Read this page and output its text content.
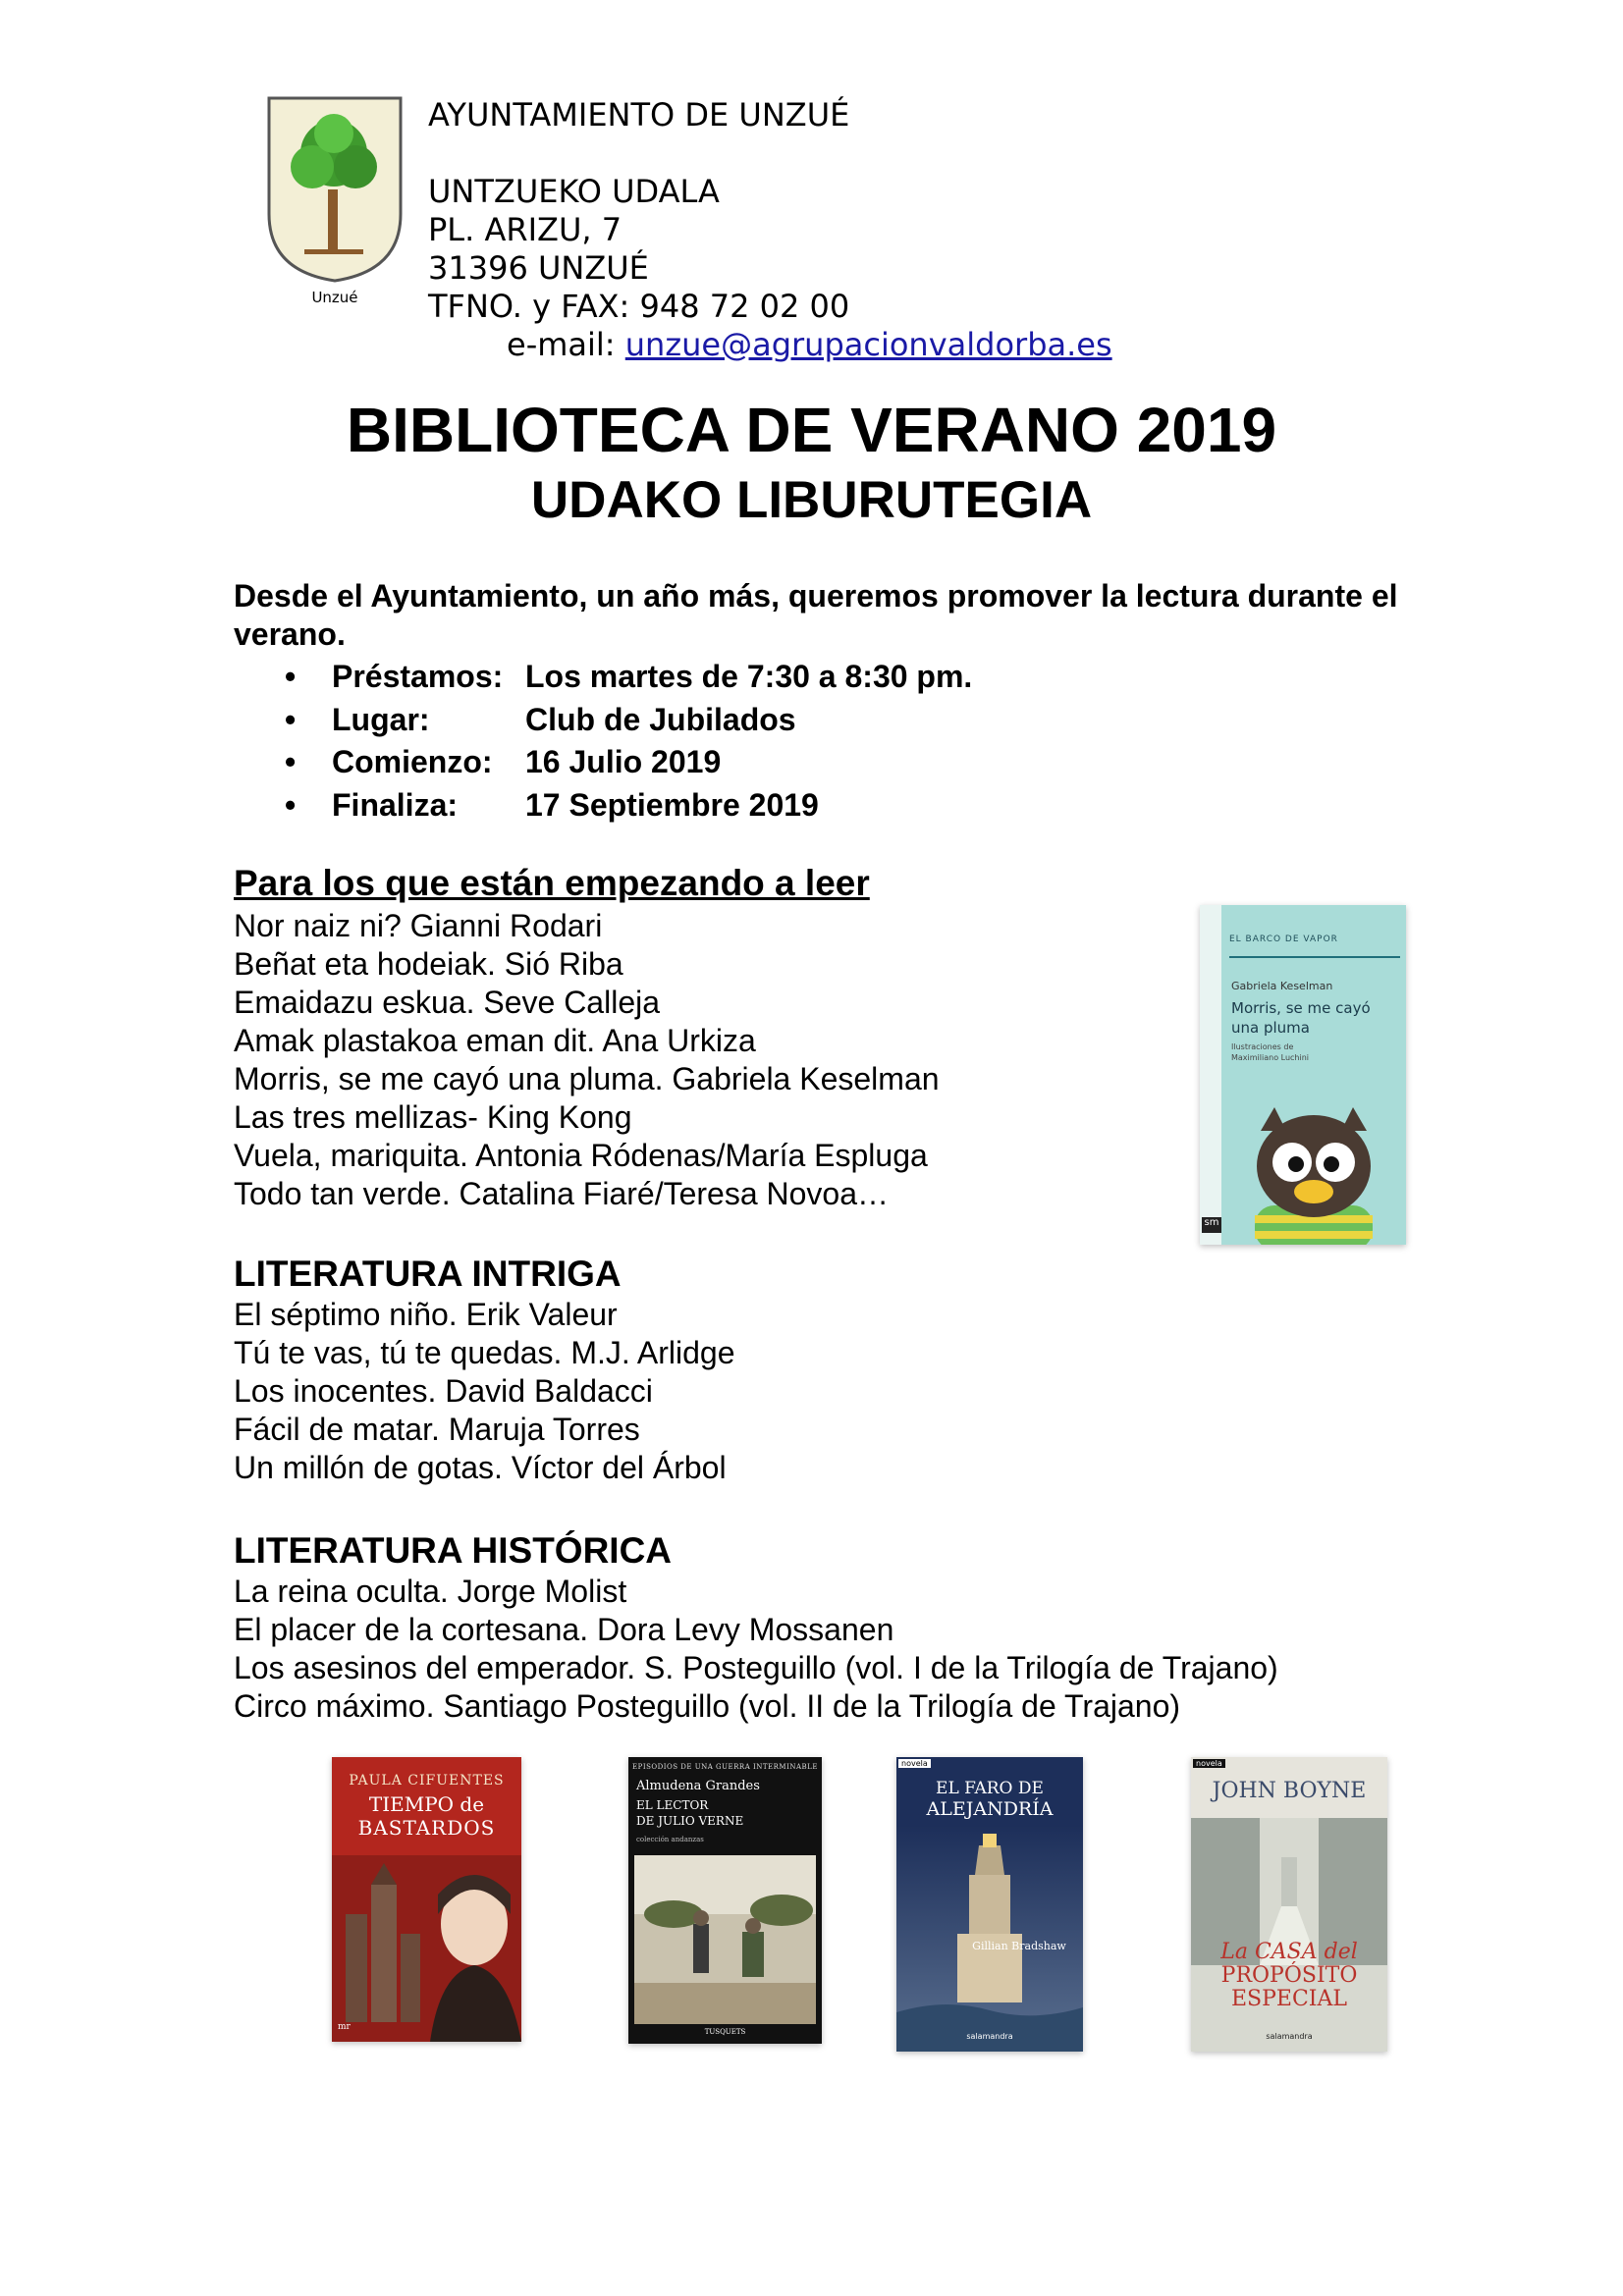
Unzué
AYUNTAMIENTO DE UNZUÉ
UNTZUEKO UDALA
PL. ARIZU, 7
31396 UNZUÉ
TFNO. y FAX: 948 72 02 00
e-mail: unzue@agrupacionvaldorba.es
BIBLIOTECA DE VERANO 2019
UDAKO LIBURUTEGIA
Desde el Ayuntamiento, un año más, queremos promover la lectura durante el verano.
• Préstamos: Los martes de 7:30 a 8:30 pm.
• Lugar:	Club de Jubilados
• Comienzo: 16 Julio 2019
• Finaliza: 17 Septiembre 2019
Para los que están empezando a leer
Nor naiz ni? Gianni Rodari
Beñat eta hodeiak. Sió Riba
Emaidazu eskua. Seve Calleja
Amak plastakoa eman dit. Ana Urkiza
Morris, se me cayó una pluma. Gabriela Keselman
Las tres mellizas- King Kong
Vuela, mariquita. Antonia Ródenas/María Espluga
Todo tan verde. Catalina Fiaré/Teresa Novoa…
EL BARCO DE VAPOR
Gabriela Keselman
Morris, se me cayó
una pluma
Ilustraciones de
Maximiliano Luchini
sm
LITERATURA INTRIGA
El séptimo niño. Erik Valeur
Tú te vas, tú te quedas. M.J. Arlidge
Los inocentes. David Baldacci
Fácil de matar. Maruja Torres
Un millón de gotas. Víctor del Árbol
LITERATURA HISTÓRICA
La reina oculta. Jorge Molist
El placer de la cortesana. Dora Levy Mossanen
Los asesinos del emperador. S. Posteguillo (vol. I de la Trilogía de Trajano)
Circo máximo. Santiago Posteguillo (vol. II de la Trilogía de Trajano)
PAULA CIFUENTES
TIEMPO de
BASTARDOS
mr
EPISODIOS DE UNA GUERRA INTERMINABLE
Almudena Grandes
EL LECTOR
DE JULIO VERNE
colección andanzas
TUSQUETS
novela
EL FARO DE
ALEJANDRÍA
Gillian Bradshaw
salamandra
novela
JOHN BOYNE
La CASA del
PROPÓSITO
ESPECIAL
salamandra
